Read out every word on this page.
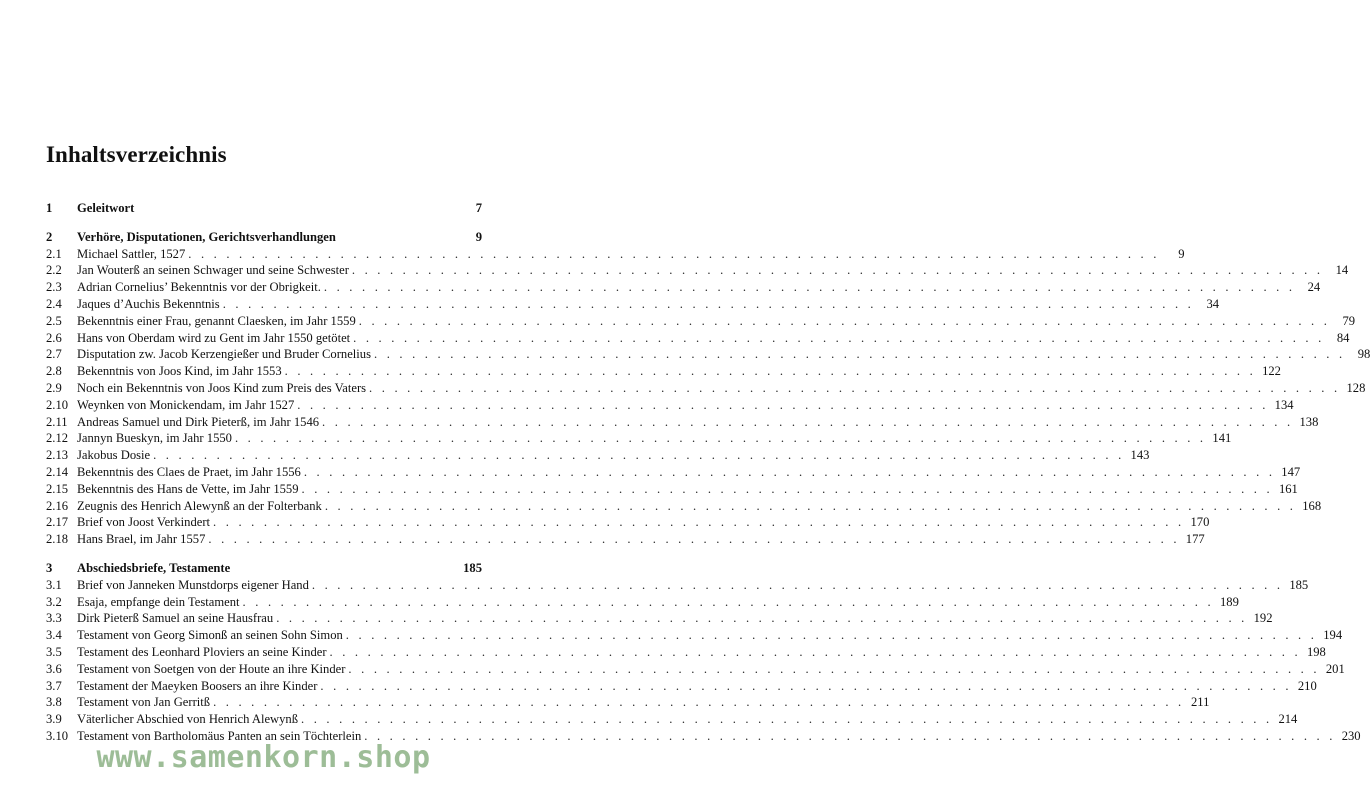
Inhaltsverzeichnis
1	Geleitwort	7
2	Verhöre, Disputationen, Gerichtsverhandlungen	9
2.1	Michael Sattler, 1527 . . .	9
2.2	Jan Wouterß an seinen Schwager und seine Schwester . . .	14
2.3	Adrian Cornelius’ Bekenntnis vor der Obrigkeit. . . .	24
2.4	Jaques d’Auchis Bekenntnis . . .	34
2.5	Bekenntnis einer Frau, genannt Claesken, im Jahr 1559 . . .	79
2.6	Hans von Oberdam wird zu Gent im Jahr 1550 getötet . . .	84
2.7	Disputation zw. Jacob Kerzengießer und Bruder Cornelius . . .	98
2.8	Bekenntnis von Joos Kind, im Jahr 1553 . . .	122
2.9	Noch ein Bekenntnis von Joos Kind zum Preis des Vaters . . .	128
2.10 Weynken von Monickendam, im Jahr 1527 . . .	134
2.11 Andreas Samuel und Dirk Pieterß, im Jahr 1546 . . .	138
2.12 Jannyn Bueskyn, im Jahr 1550 . . .	141
2.13 Jakobus Dosie . . .	143
2.14 Bekenntnis des Claes de Praet, im Jahr 1556 . . .	147
2.15 Bekenntnis des Hans de Vette, im Jahr 1559 . . .	161
2.16 Zeugnis des Henrich Alewynß an der Folterbank . . .	168
2.17 Brief von Joost Verkindert . . .	170
2.18 Hans Brael, im Jahr 1557 . . .	177
3	Abschiedsbriefe, Testamente	185
3.1	Brief von Janneken Munstdorps eigener Hand . . .	185
3.2	Esaja, empfange dein Testament . . .	189
3.3	Dirk Pieterß Samuel an seine Hausfrau . . .	192
3.4	Testament von Georg Simonß an seinen Sohn Simon . . .	194
3.5	Testament des Leonhard Ploviers an seine Kinder . . .	198
3.6	Testament von Soetgen von der Houte an ihre Kinder . . .	201
3.7	Testament der Maeyken Boosers an ihre Kinder . . .	210
3.8	Testament von Jan Gerritß . . .	211
3.9	Väterlicher Abschied von Henrich Alewynß . . .	214
3.10 Testament von Bartholomäus Panten an sein Töchterlein . . .	230
www.samenkorn.shop
